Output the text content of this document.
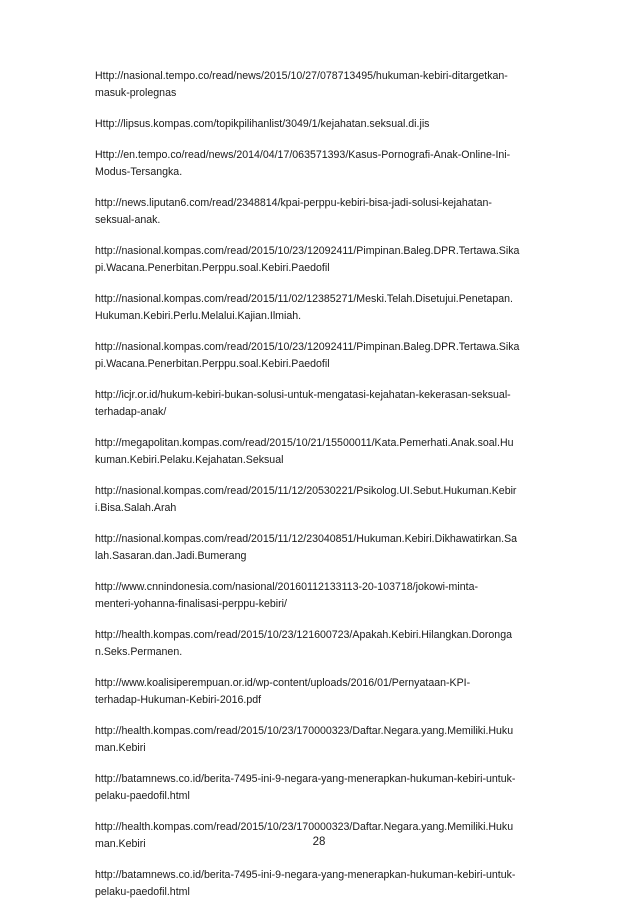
Http://nasional.tempo.co/read/news/2015/10/27/078713495/hukuman-kebiri-ditargetkan-
masuk-prolegnas
Http://lipsus.kompas.com/topikpilihanlist/3049/1/kejahatan.seksual.di.jis
Http://en.tempo.co/read/news/2014/04/17/063571393/Kasus-Pornografi-Anak-Online-Ini-
Modus-Tersangka.
http://news.liputan6.com/read/2348814/kpai-perppu-kebiri-bisa-jadi-solusi-kejahatan-
seksual-anak.
http://nasional.kompas.com/read/2015/10/23/12092411/Pimpinan.Baleg.DPR.Tertawa.Sika
pi.Wacana.Penerbitan.Perppu.soal.Kebiri.Paedofil
http://nasional.kompas.com/read/2015/11/02/12385271/Meski.Telah.Disetujui.Penetapan.
Hukuman.Kebiri.Perlu.Melalui.Kajian.Ilmiah.
http://nasional.kompas.com/read/2015/10/23/12092411/Pimpinan.Baleg.DPR.Tertawa.Sika
pi.Wacana.Penerbitan.Perppu.soal.Kebiri.Paedofil
http://icjr.or.id/hukum-kebiri-bukan-solusi-untuk-mengatasi-kejahatan-kekerasan-seksual-
terhadap-anak/
http://megapolitan.kompas.com/read/2015/10/21/15500011/Kata.Pemerhati.Anak.soal.Hu
kuman.Kebiri.Pelaku.Kejahatan.Seksual
http://nasional.kompas.com/read/2015/11/12/20530221/Psikolog.UI.Sebut.Hukuman.Kebir
i.Bisa.Salah.Arah
http://nasional.kompas.com/read/2015/11/12/23040851/Hukuman.Kebiri.Dikhawatirkan.Sa
lah.Sasaran.dan.Jadi.Bumerang
http://www.cnnindonesia.com/nasional/20160112133113-20-103718/jokowi-minta-
menteri-yohanna-finalisasi-perppu-kebiri/
http://health.kompas.com/read/2015/10/23/121600723/Apakah.Kebiri.Hilangkan.Doronga
n.Seks.Permanen.
http://www.koalisiperempuan.or.id/wp-content/uploads/2016/01/Pernyataan-KPI-
terhadap-Hukuman-Kebiri-2016.pdf
http://health.kompas.com/read/2015/10/23/170000323/Daftar.Negara.yang.Memiliki.Huku
man.Kebiri
http://batamnews.co.id/berita-7495-ini-9-negara-yang-menerapkan-hukuman-kebiri-untuk-
pelaku-paedofil.html
http://health.kompas.com/read/2015/10/23/170000323/Daftar.Negara.yang.Memiliki.Huku
man.Kebiri
http://batamnews.co.id/berita-7495-ini-9-negara-yang-menerapkan-hukuman-kebiri-untuk-
pelaku-paedofil.html
28
